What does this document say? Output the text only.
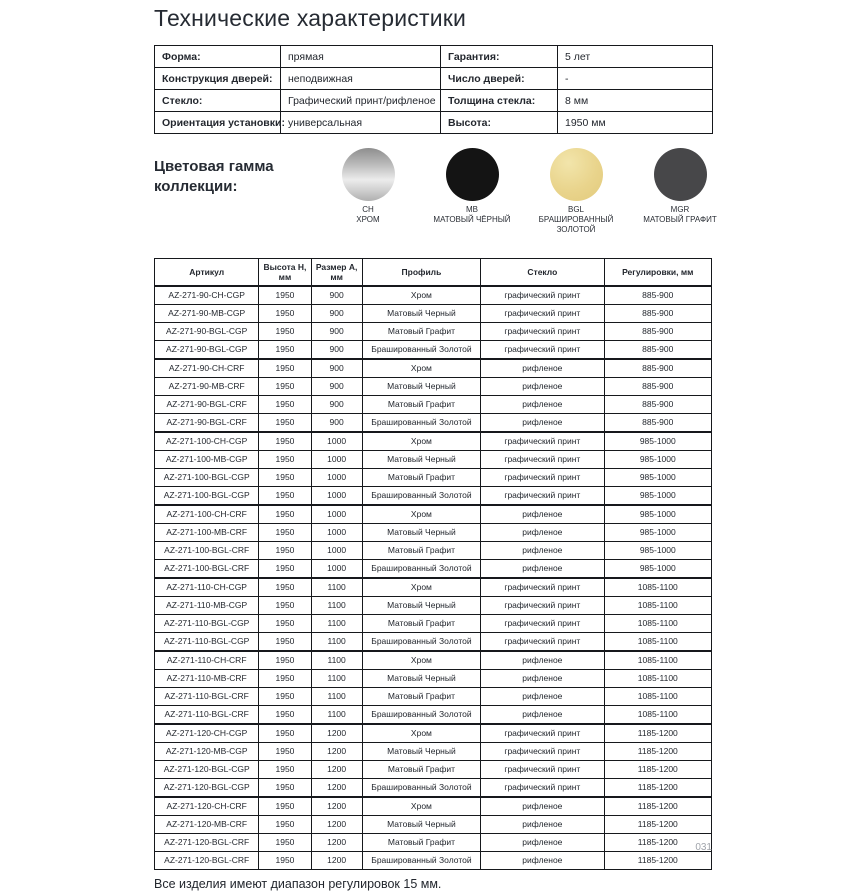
Технические характеристики
Форма:	прямая	Гарантия:	5 лет
Конструкция дверей:	неподвижная	Число дверей:	-
Стекло:	Графический принт/рифленое	Толщина стекла:	8 мм
Ориентация установки:	универсальная	Высота:	1950 мм
Цветовая гамма коллекции:
CH
ХРОМ
MB
МАТОВЫЙ ЧЁРНЫЙ
BGL
БРАШИРОВАННЫЙ ЗОЛОТОЙ
MGR
МАТОВЫЙ ГРАФИТ
Артикул	Высота H, мм	Размер A, мм	Профиль	Стекло	Регулировки, мм
AZ-271-90-CH-CGP	1950	900	Хром	графический принт	885-900
AZ-271-90-MB-CGP	1950	900	Матовый Черный	графический принт	885-900
AZ-271-90-BGL-CGP	1950	900	Матовый Графит	графический принт	885-900
AZ-271-90-BGL-CGP	1950	900	Брашированный Золотой	графический принт	885-900
AZ-271-90-CH-CRF	1950	900	Хром	рифленое	885-900
AZ-271-90-MB-CRF	1950	900	Матовый Черный	рифленое	885-900
AZ-271-90-BGL-CRF	1950	900	Матовый Графит	рифленое	885-900
AZ-271-90-BGL-CRF	1950	900	Брашированный Золотой	рифленое	885-900
AZ-271-100-CH-CGP	1950	1000	Хром	графический принт	985-1000
AZ-271-100-MB-CGP	1950	1000	Матовый Черный	графический принт	985-1000
AZ-271-100-BGL-CGP	1950	1000	Матовый Графит	графический принт	985-1000
AZ-271-100-BGL-CGP	1950	1000	Брашированный Золотой	графический принт	985-1000
AZ-271-100-CH-CRF	1950	1000	Хром	рифленое	985-1000
AZ-271-100-MB-CRF	1950	1000	Матовый Черный	рифленое	985-1000
AZ-271-100-BGL-CRF	1950	1000	Матовый Графит	рифленое	985-1000
AZ-271-100-BGL-CRF	1950	1000	Брашированный Золотой	рифленое	985-1000
AZ-271-110-CH-CGP	1950	1100	Хром	графический принт	1085-1100
AZ-271-110-MB-CGP	1950	1100	Матовый Черный	графический принт	1085-1100
AZ-271-110-BGL-CGP	1950	1100	Матовый Графит	графический принт	1085-1100
AZ-271-110-BGL-CGP	1950	1100	Брашированный Золотой	графический принт	1085-1100
AZ-271-110-CH-CRF	1950	1100	Хром	рифленое	1085-1100
AZ-271-110-MB-CRF	1950	1100	Матовый Черный	рифленое	1085-1100
AZ-271-110-BGL-CRF	1950	1100	Матовый Графит	рифленое	1085-1100
AZ-271-110-BGL-CRF	1950	1100	Брашированный Золотой	рифленое	1085-1100
AZ-271-120-CH-CGP	1950	1200	Хром	графический принт	1185-1200
AZ-271-120-MB-CGP	1950	1200	Матовый Черный	графический принт	1185-1200
AZ-271-120-BGL-CGP	1950	1200	Матовый Графит	графический принт	1185-1200
AZ-271-120-BGL-CGP	1950	1200	Брашированный Золотой	графический принт	1185-1200
AZ-271-120-CH-CRF	1950	1200	Хром	рифленое	1185-1200
AZ-271-120-MB-CRF	1950	1200	Матовый Черный	рифленое	1185-1200
AZ-271-120-BGL-CRF	1950	1200	Матовый Графит	рифленое	1185-1200
AZ-271-120-BGL-CRF	1950	1200	Брашированный Золотой	рифленое	1185-1200
Все изделия имеют диапазон регулировок 15 мм.
031
